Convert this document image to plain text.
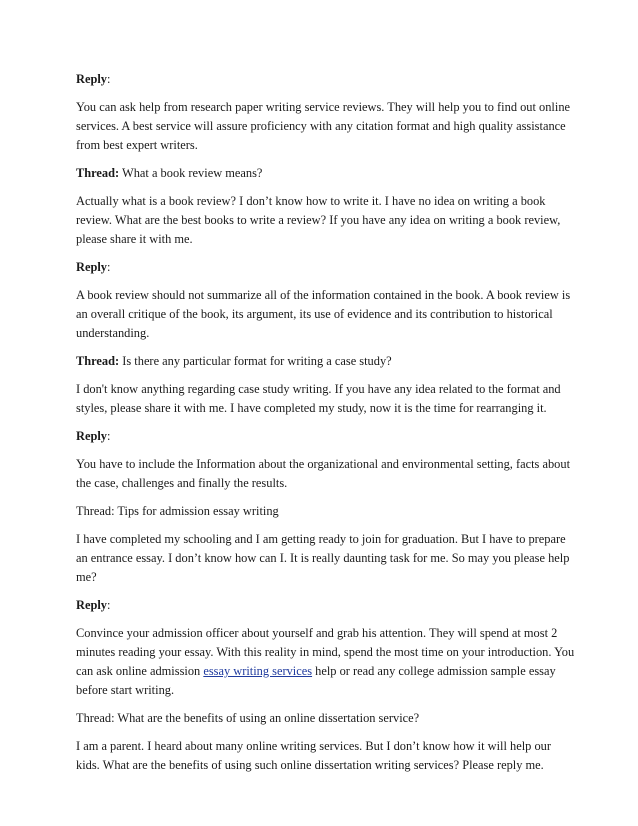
Reply:

You can ask help from research paper writing service reviews. They will help you to find out online services. A best service will assure proficiency with any citation format and high quality assistance from best expert writers.

Thread: What a book review means?

Actually what is a book review? I don’t know how to write it. I have no idea on writing a book review. What are the best books to write a review? If you have any idea on writing a book review, please share it with me.

Reply:

A book review should not summarize all of the information contained in the book. A book review is an overall critique of the book, its argument, its use of evidence and its contribution to historical understanding.

Thread: Is there any particular format for writing a case study?

I don't know anything regarding case study writing. If you have any idea related to the format and styles, please share it with me. I have completed my study, now it is the time for rearranging it.

Reply:

You have to include the Information about the organizational and environmental setting, facts about the case, challenges and finally the results.

Thread: Tips for admission essay writing

I have completed my schooling and I am getting ready to join for graduation. But I have to prepare an entrance essay. I don’t know how can I. It is really daunting task for me. So may you please help me?

Reply:

Convince your admission officer about yourself and grab his attention. They will spend at most 2 minutes reading your essay. With this reality in mind, spend the most time on your introduction. You can ask online admission essay writing services help or read any college admission sample essay before start writing.

Thread: What are the benefits of using an online dissertation service?

I am a parent. I heard about many online writing services. But I don’t know how it will help our kids. What are the benefits of using such online dissertation writing services? Please reply me.
